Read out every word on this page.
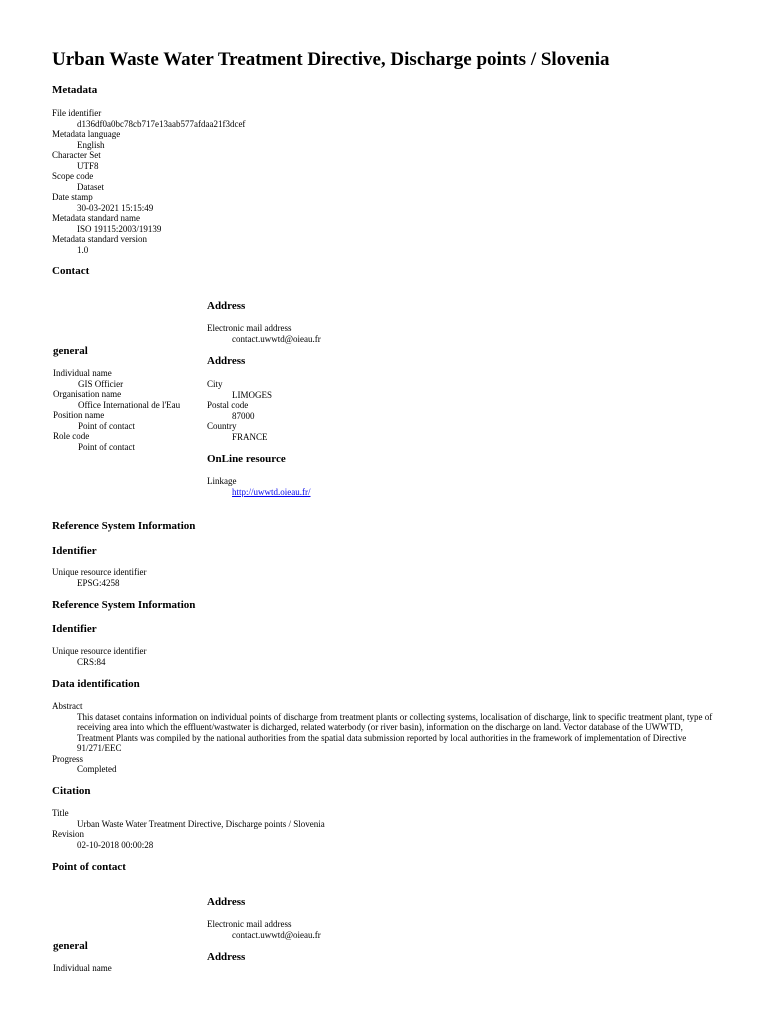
Urban Waste Water Treatment Directive, Discharge points / Slovenia
Metadata
File identifier
d136df0a0bc78cb717e13aab577afdaa21f3dcef
Metadata language
English
Character Set
UTF8
Scope code
Dataset
Date stamp
30-03-2021 15:15:49
Metadata standard name
ISO 19115:2003/19139
Metadata standard version
1.0
Contact
Address
Electronic mail address
contact.uwwtd@oieau.fr
general
Individual name
GIS Officier
Organisation name
Office International de l'Eau
Position name
Point of contact
Role code
Point of contact
Address
City
LIMOGES
Postal code
87000
Country
FRANCE
OnLine resource
Linkage
http://uwwtd.oieau.fr/
Reference System Information
Identifier
Unique resource identifier
EPSG:4258
Reference System Information
Identifier
Unique resource identifier
CRS:84
Data identification
Abstract
This dataset contains information on individual points of discharge from treatment plants or collecting systems, localisation of discharge, link to specific treatment plant, type of receiving area into which the effluent/wastwater is dicharged, related waterbody (or river basin), information on the discharge on land. Vector database of the UWWTD, Treatment Plants was compiled by the national authorities from the spatial data submission reported by local authorities in the framework of implementation of Directive 91/271/EEC
Progress
Completed
Citation
Title
Urban Waste Water Treatment Directive, Discharge points / Slovenia
Revision
02-10-2018 00:00:28
Point of contact
Address
Electronic mail address
contact.uwwtd@oieau.fr
general
Address
Individual name
